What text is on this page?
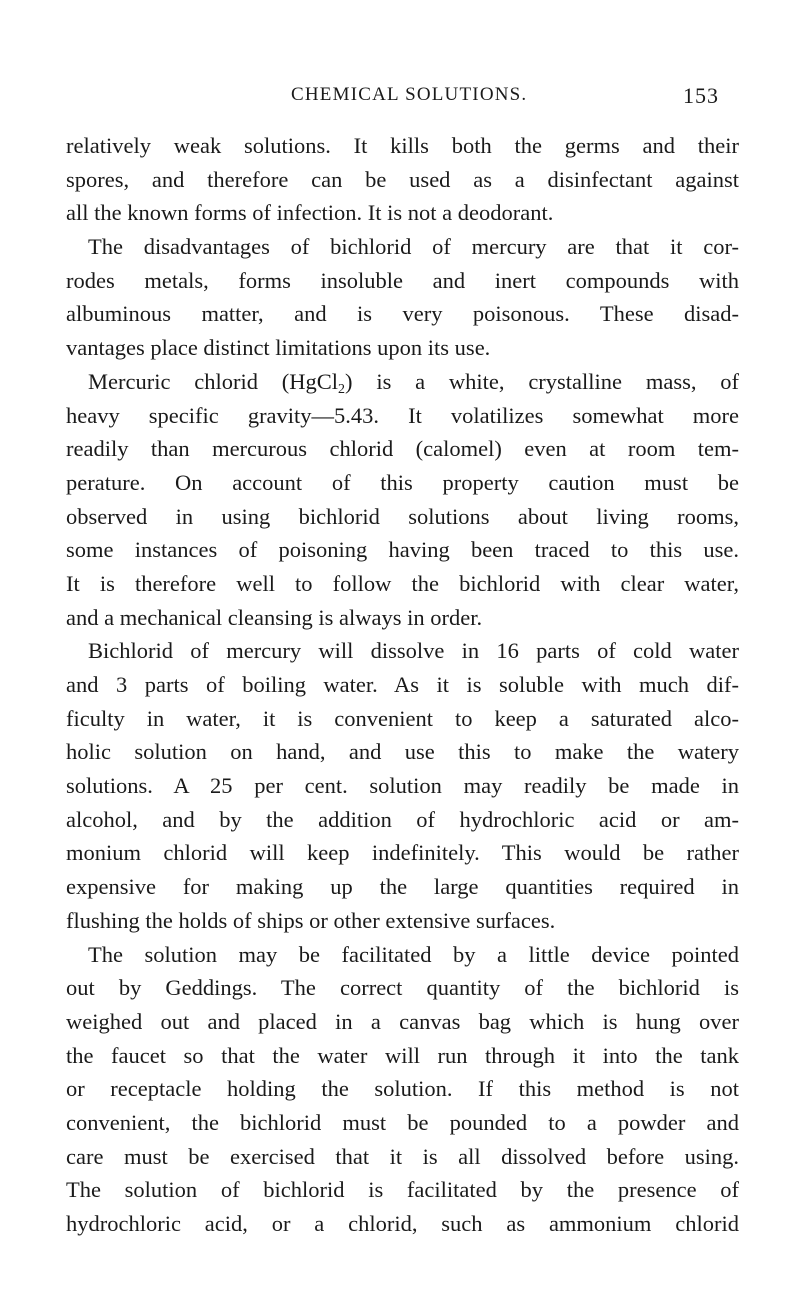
CHEMICAL SOLUTIONS.	153
relatively weak solutions. It kills both the germs and their
spores, and therefore can be used as a disinfectant against
all the known forms of infection. It is not a deodorant.
The disadvantages of bichlorid of mercury are that it cor-
rodes metals, forms insoluble and inert compounds with
albuminous matter, and is very poisonous. These disad-
vantages place distinct limitations upon its use.
Mercuric chlorid (HgCl$_2$) is a white, crystalline mass, of
heavy specific gravity—5.43. It volatilizes somewhat more
readily than mercurous chlorid (calomel) even at room tem-
perature. On account of this property caution must be
observed in using bichlorid solutions about living rooms,
some instances of poisoning having been traced to this use.
It is therefore well to follow the bichlorid with clear water,
and a mechanical cleansing is always in order.
Bichlorid of mercury will dissolve in 16 parts of cold water
and 3 parts of boiling water. As it is soluble with much dif-
ficulty in water, it is convenient to keep a saturated alco-
holic solution on hand, and use this to make the watery
solutions. A 25 per cent. solution may readily be made in
alcohol, and by the addition of hydrochloric acid or am-
monium chlorid will keep indefinitely. This would be rather
expensive for making up the large quantities required in
flushing the holds of ships or other extensive surfaces.
The solution may be facilitated by a little device pointed
out by Geddings. The correct quantity of the bichlorid is
weighed out and placed in a canvas bag which is hung over
the faucet so that the water will run through it into the tank
or receptacle holding the solution. If this method is not
convenient, the bichlorid must be pounded to a powder and
care must be exercised that it is all dissolved before using.
The solution of bichlorid is facilitated by the presence of
hydrochloric acid, or a chlorid, such as ammonium chlorid
